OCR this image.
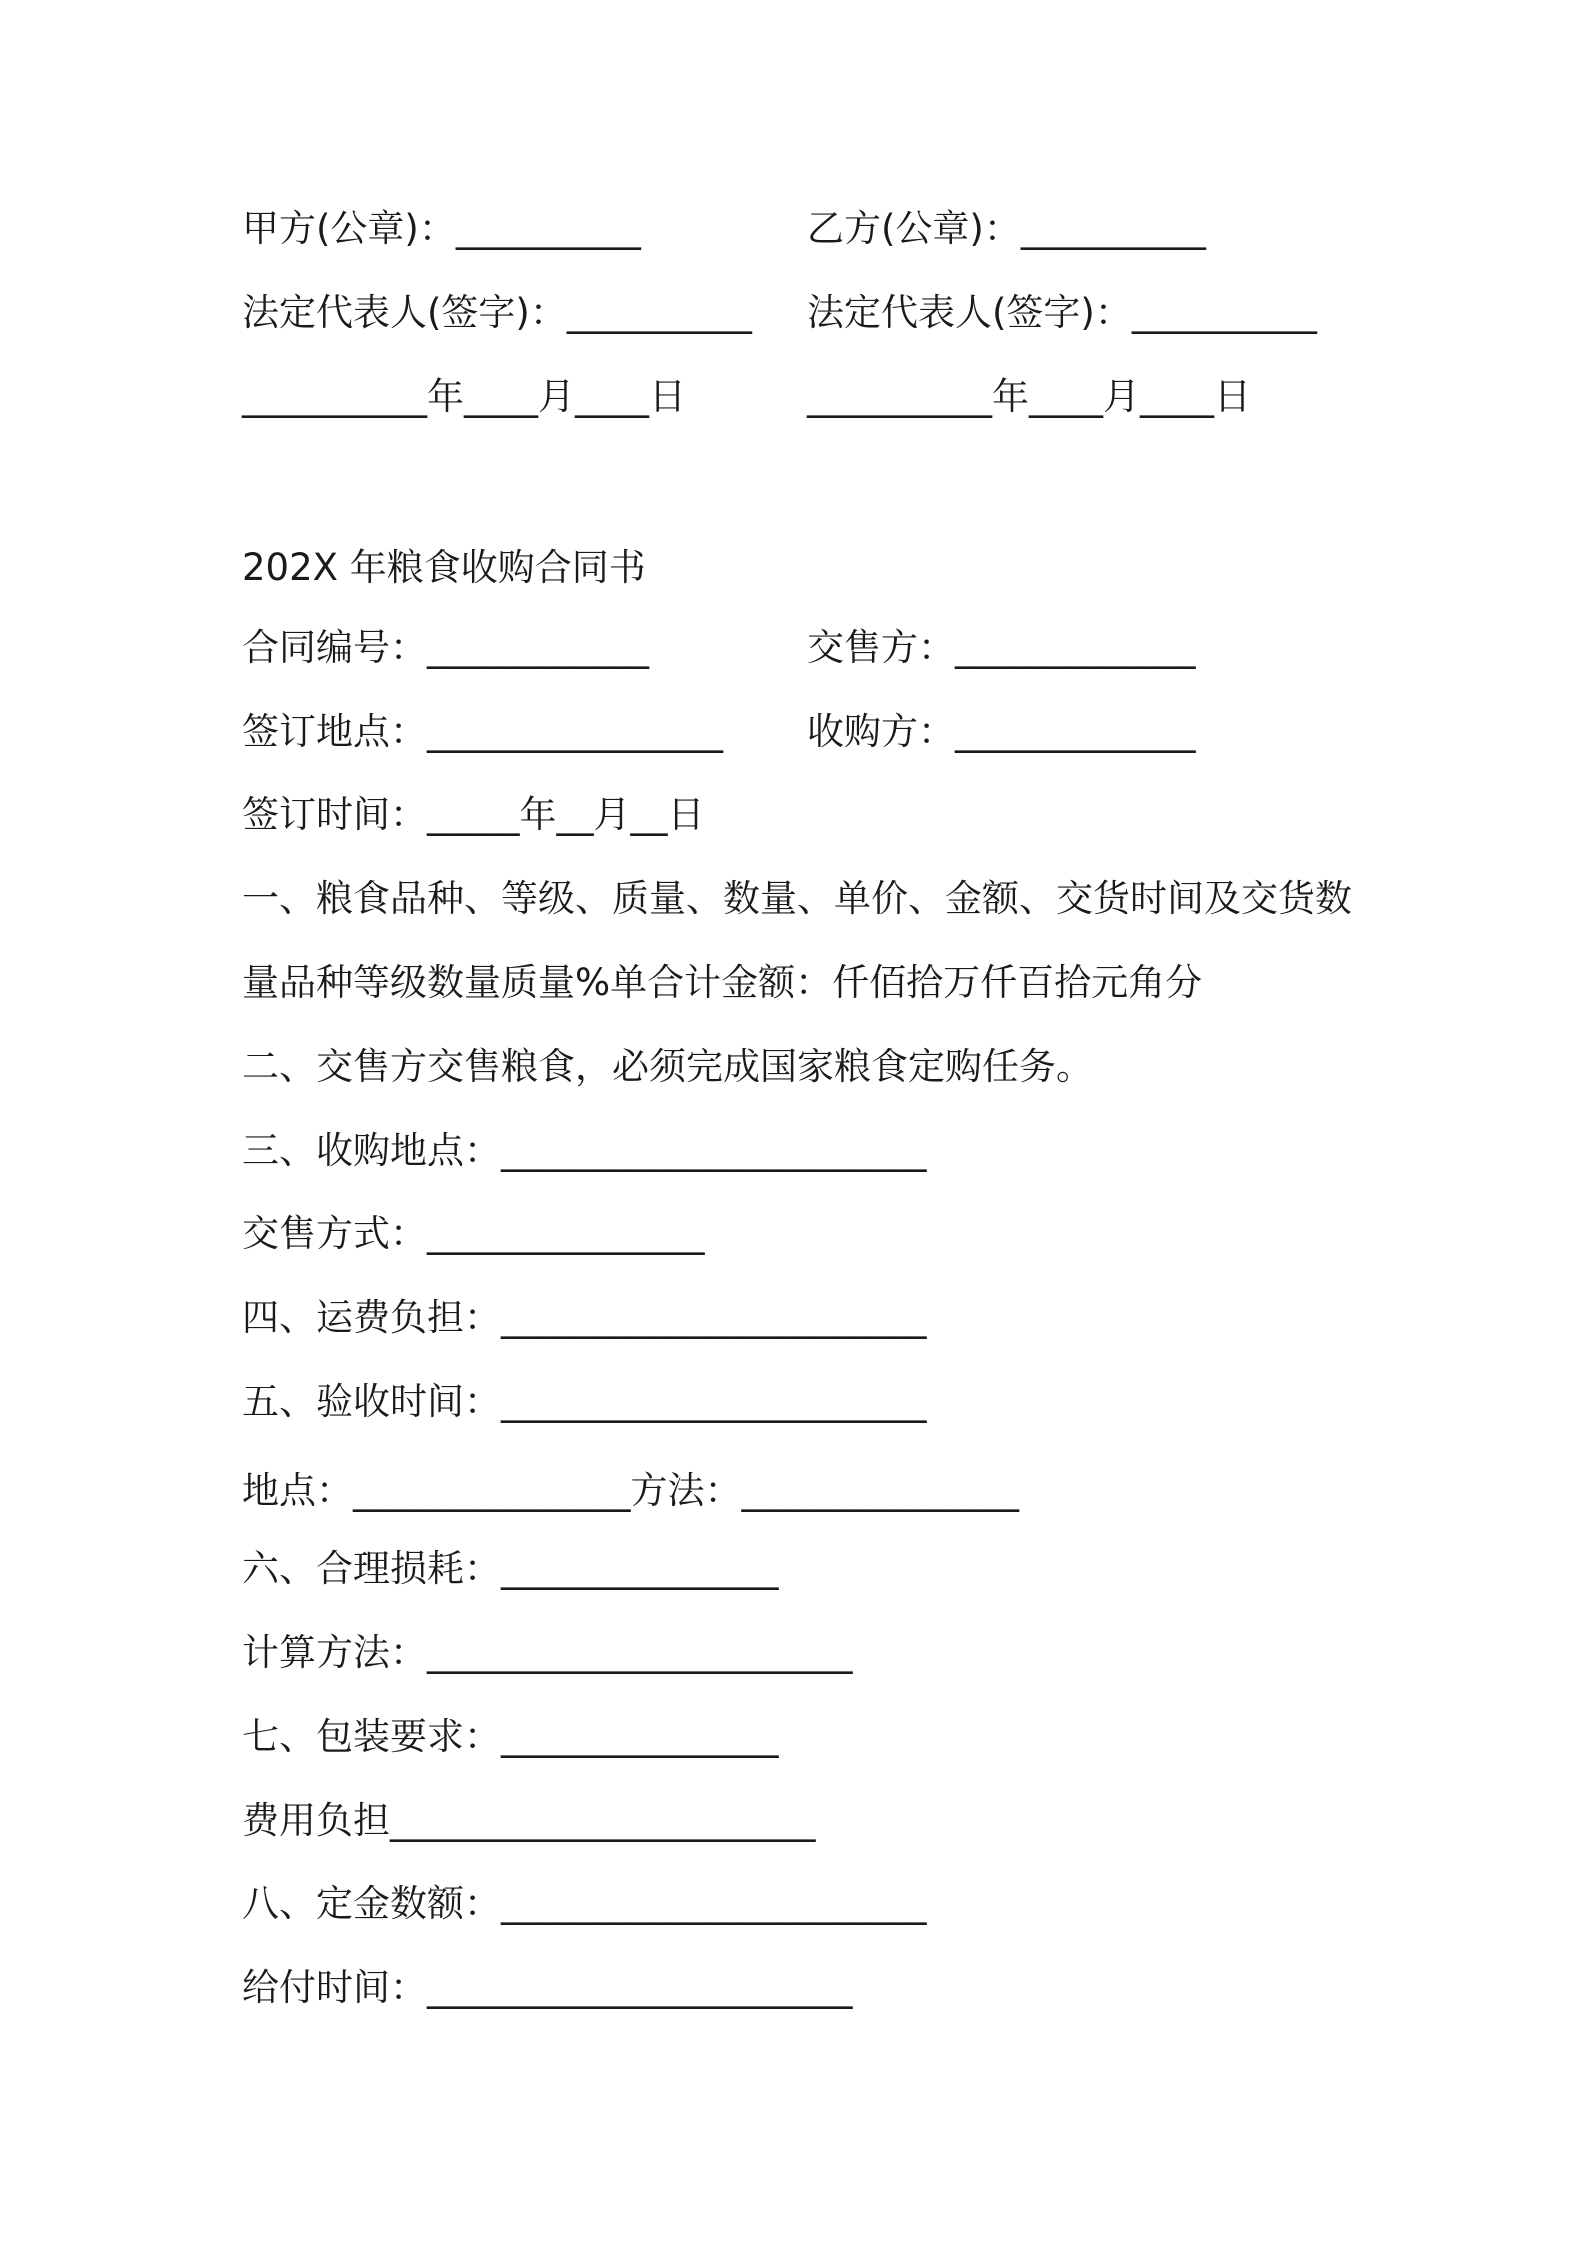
甲方(公章)：__________	乙方(公章)：__________
法定代表人(签字)：__________ 法定代表人(签字)：__________
__________年____月____日	__________年____月____日
202X 年粮食收购合同书
合同编号：____________	交售方：_____________
签订地点：________________ 收购方：_____________
签订时间：_____年__月__日
一、粮食品种、等级、质量、数量、单价、金额、交货时间及交货数
量品种等级数量质量%单合计金额：仟佰拾万仟百拾元角分
二、交售方交售粮食，必须完成国家粮食定购任务。
三、收购地点：_______________________
交售方式：_______________
四、运费负担：_______________________
五、验收时间：_______________________
地点：_______________方法：_______________
六、合理损耗：_______________
计算方法：_______________________
七、包装要求：_______________
费用负担_______________________
八、定金数额：_______________________
给付时间：_______________________
